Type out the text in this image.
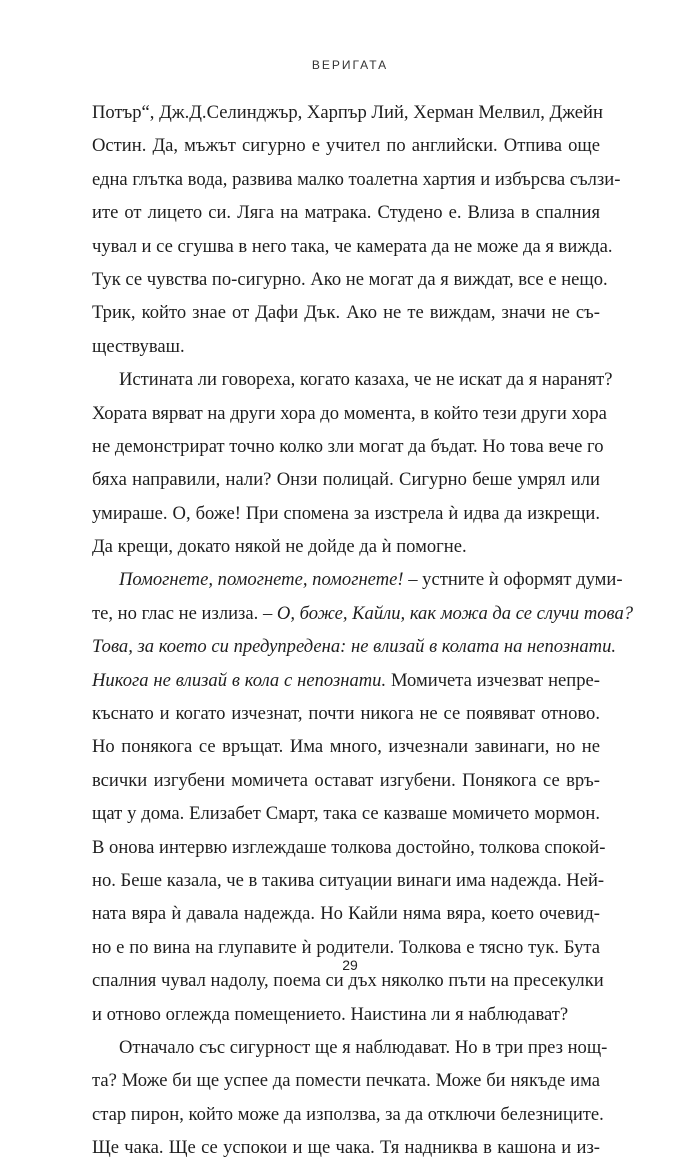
ВЕРИГАТА
Потър“, Дж.Д.Селинджър, Харпър Лий, Херман Мелвил, Джейн
Остин. Да, мъжът сигурно е учител по английски. Отпива още
една глътка вода, развива малко тоалетна хартия и избърсва сълзи-
ите от лицето си. Ляга на матрака. Студено е. Влиза в спалния
чувал и се сгушва в него така, че камерата да не може да я вижда.
Тук се чувства по-сигурно. Ако не могат да я виждат, все е нещо.
Трик, който знае от Дафи Дък. Ако не те виждам, значи не съ-
ществуваш.
Истината ли говореха, когато казаха, че не искат да я наранят?
Хората вярват на други хора до момента, в който тези други хора
не демонстрират точно колко зли могат да бъдат. Но това вече го
бяха направили, нали? Онзи полицай. Сигурно беше умрял или
умираше. О, боже! При спомена за изстрела ѝ идва да изкрещи.
Да крещи, докато някой не дойде да ѝ помогне.
Помогнете, помогнете, помогнете! – устните ѝ оформят думи-
те, но глас не излиза. – О, боже, Кайли, как можа да се случи това?
Това, за което си предупредена: не влизай в колата на непознати.
Никога не влизай в кола с непознати. Момичета изчезват непре-
къснато и когато изчезнат, почти никога не се появяват отново.
Но понякога се връщат. Има много, изчезнали завинаги, но не
всички изгубени момичета остават изгубени. Понякога се връ-
щат у дома. Елизабет Смарт, така се казваше момичето мормон.
В онова интервю изглеждаше толкова достойно, толкова спокой-
но. Беше казала, че в такива ситуации винаги има надежда. Ней-
ната вяра ѝ давала надежда. Но Кайли няма вяра, което очевид-
но е по вина на глупавите ѝ родители. Толкова е тясно тук. Бута
спалния чувал надолу, поема си дъх няколко пъти на пресекулки
и отново оглежда помещението. Наистина ли я наблюдават?
Отначало със сигурност ще я наблюдават. Но в три през нощ-
та? Може би ще успее да помести печката. Може би някъде има
стар пирон, който може да използва, за да отключи белезниците.
Ще чака. Ще се успокои и ще чака. Тя надниква в кашона и из-
29
